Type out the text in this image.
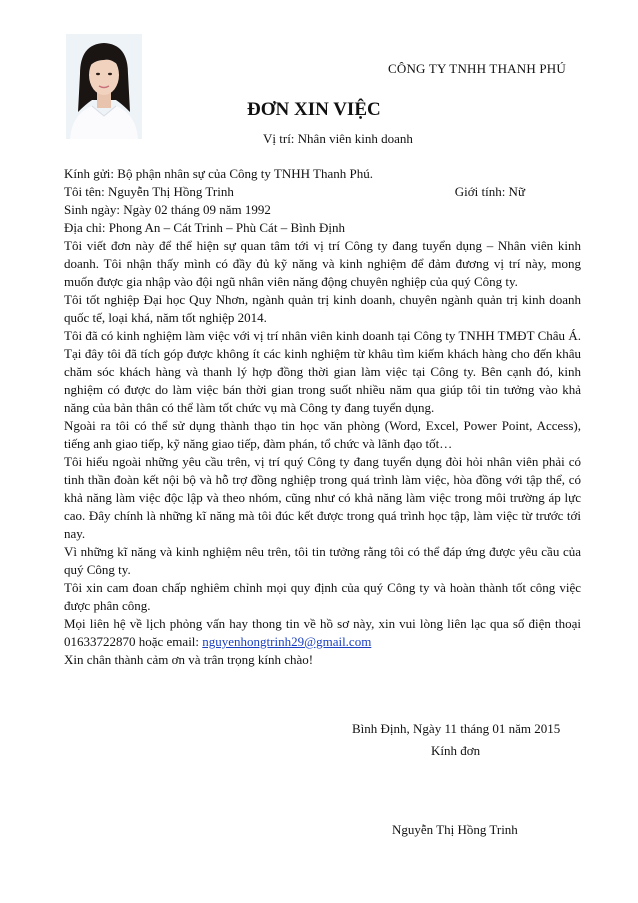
CÔNG TY TNHH THANH PHÚ
ĐƠN XIN VIỆC
Vị trí: Nhân viên kinh doanh

Kính gửi: Bộ phận nhân sự của Công ty TNHH Thanh Phú.

Tôi tên: Nguyễn Thị Hồng Trinh	Giới tính: Nữ

Sinh ngày: Ngày 02 tháng 09 năm 1992

Địa chỉ: Phong An – Cát Trinh – Phù Cát – Bình Định

Tôi viết đơn này để thể hiện sự quan tâm tới vị trí Công ty đang tuyển dụng – Nhân viên kinh doanh. Tôi nhận thấy mình có đầy đủ kỹ năng và kinh nghiệm để đảm đương vị trí này, mong muốn được gia nhập vào đội ngũ nhân viên năng động chuyên nghiệp của quý Công ty.

Tôi tốt nghiệp Đại học Quy Nhơn, ngành quản trị kinh doanh, chuyên ngành quản trị kinh doanh quốc tế, loại khá, năm tốt nghiệp 2014.

Tôi đã có kinh nghiệm làm việc với vị trí nhân viên kinh doanh tại Công ty TNHH TMĐT Châu Á. Tại đây tôi đã tích góp được không ít các kinh nghiệm từ khâu tìm kiếm khách hàng cho đến khâu chăm sóc khách hàng và thanh lý hợp đồng thời gian làm việc tại Công ty. Bên cạnh đó, kinh nghiệm có được do làm việc bán thời gian trong suốt nhiều năm qua giúp tôi tin tưởng vào khả năng của bản thân có thể làm tốt chức vụ mà Công ty đang tuyển dụng.

Ngoài ra tôi có thể sử dụng thành thạo tin học văn phòng (Word, Excel, Power Point, Access), tiếng anh giao tiếp, kỹ năng giao tiếp, đàm phán, tổ chức và lãnh đạo tốt…

Tôi hiểu ngoài những yêu cầu trên, vị trí quý Công ty đang tuyển dụng đòi hỏi nhân viên phải có tinh thần đoàn kết nội bộ và hỗ trợ đồng nghiệp trong quá trình làm việc, hòa đồng với tập thể, có khả năng làm việc độc lập và theo nhóm, cũng như có khả năng làm việc trong môi trường áp lực cao. Đây chính là những kĩ năng mà tôi đúc kết được trong quá trình học tập, làm việc từ trước tới nay.

Vì những kĩ năng và kinh nghiệm nêu trên, tôi tin tưởng rằng tôi có thể đáp ứng được yêu cầu của quý Công ty.

Tôi xin cam đoan chấp nghiêm chỉnh mọi quy định của quý Công ty và hoàn thành tốt công việc được phân công.

Mọi liên hệ về lịch phỏng vấn hay thong tin về hồ sơ này, xin vui lòng liên lạc qua số điện thoại 01633722870 hoặc email: nguyenhongtrinh29@gmail.com

Xin chân thành cảm ơn và trân trọng kính chào!

Bình Định, Ngày 11 tháng 01 năm 2015
Kính đơn
Nguyễn Thị Hồng Trinh
